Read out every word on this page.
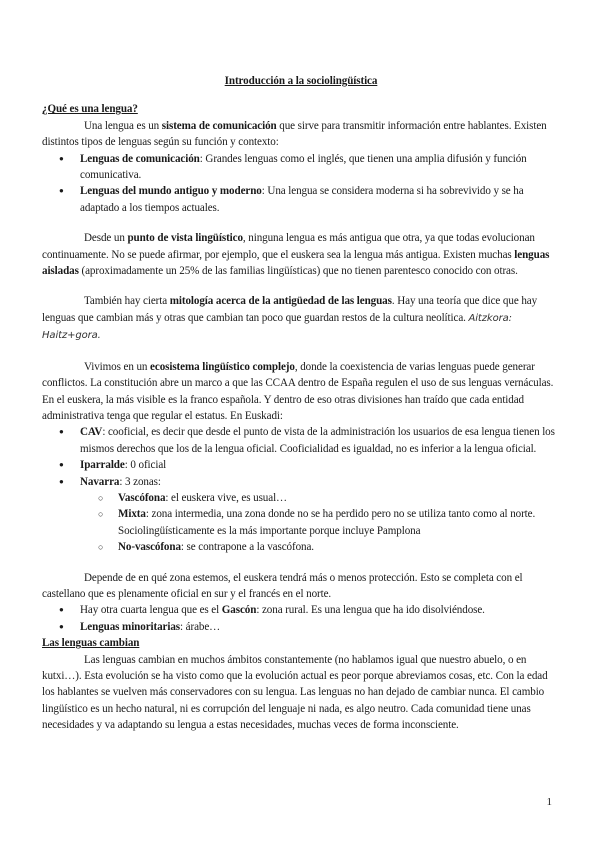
Introducción a la sociolingüística

¿Qué es una lengua?

Una lengua es un sistema de comunicación que sirve para transmitir información entre hablantes. Existen distintos tipos de lenguas según su función y contexto:

● Lenguas de comunicación: Grandes lenguas como el inglés, que tienen una amplia difusión y función comunicativa.
● Lenguas del mundo antiguo y moderno: Una lengua se considera moderna si ha sobrevivido y se ha adaptado a los tiempos actuales.

Desde un punto de vista lingüístico, ninguna lengua es más antigua que otra, ya que todas evolucionan continuamente. No se puede afirmar, por ejemplo, que el euskera sea la lengua más antigua. Existen muchas lenguas aisladas (aproximadamente un 25% de las familias lingüísticas) que no tienen parentesco conocido con otras.

También hay cierta mitología acerca de la antigüedad de las lenguas. Hay una teoría que dice que hay lenguas que cambian más y otras que cambian tan poco que guardan restos de la cultura neolítica. Aitzkora: Haitz+gora.

Vivimos en un ecosistema lingüístico complejo, donde la coexistencia de varias lenguas puede generar conflictos. La constitución abre un marco a que las CCAA dentro de España regulen el uso de sus lenguas vernáculas. En el euskera, la más visible es la franco española. Y dentro de eso otras divisiones han traído que cada entidad administrativa tenga que regular el estatus. En Euskadi:

● CAV: cooficial, es decir que desde el punto de vista de la administración los usuarios de esa lengua tienen los mismos derechos que los de la lengua oficial. Cooficialidad es igualdad, no es inferior a la lengua oficial.
● Iparralde: 0 oficial
● Navarra: 3 zonas:
○ Vascófona: el euskera vive, es usual…
○ Mixta: zona intermedia, una zona donde no se ha perdido pero no se utiliza tanto como al norte. Sociolingüísticamente es la más importante porque incluye Pamplona
○ No-vascófona: se contrapone a la vascófona.

Depende de en qué zona estemos, el euskera tendrá más o menos protección. Esto se completa con el castellano que es plenamente oficial en sur y el francés en el norte.

● Hay otra cuarta lengua que es el Gascón: zona rural. Es una lengua que ha ido disolviéndose.
● Lenguas minoritarias: árabe…

Las lenguas cambian

Las lenguas cambian en muchos ámbitos constantemente (no hablamos igual que nuestro abuelo, o en kutxi…). Esta evolución se ha visto como que la evolución actual es peor porque abreviamos cosas, etc. Con la edad los hablantes se vuelven más conservadores con su lengua. Las lenguas no han dejado de cambiar nunca. El cambio lingüístico es un hecho natural, ni es corrupción del lenguaje ni nada, es algo neutro. Cada comunidad tiene unas necesidades y va adaptando su lengua a estas necesidades, muchas veces de forma inconsciente.

1
